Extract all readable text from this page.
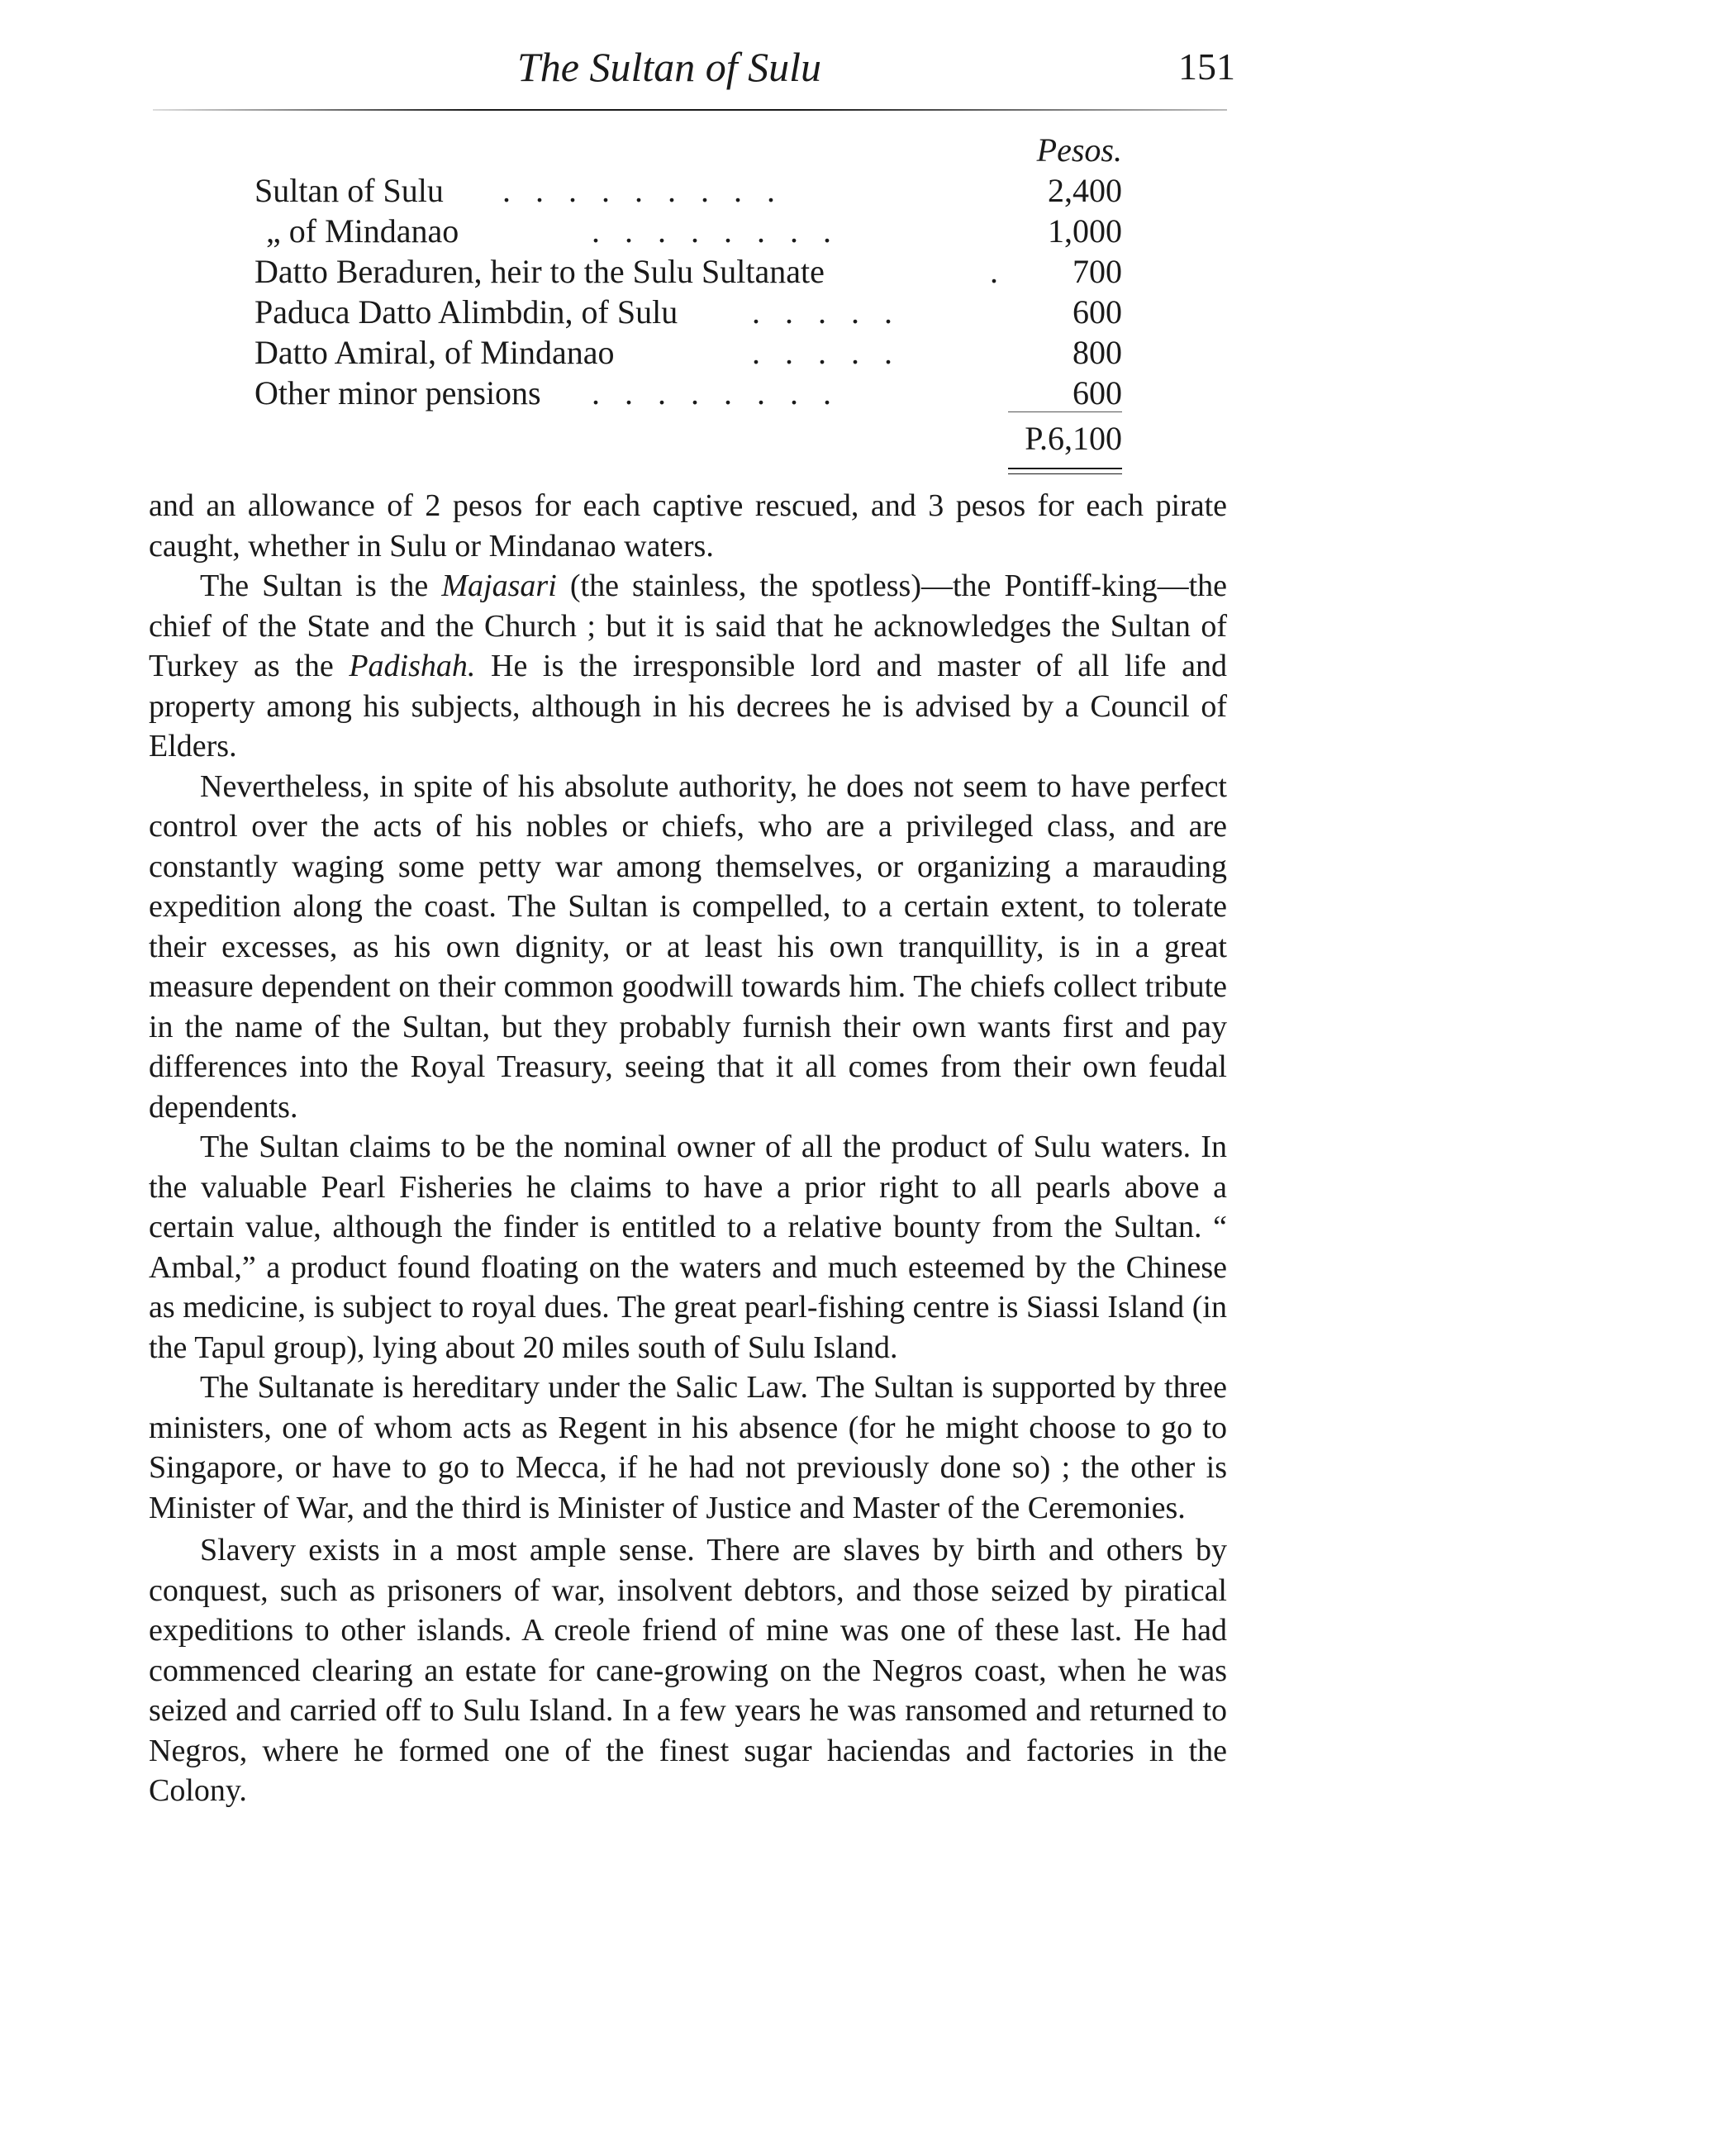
The Sultan of Sulu	151
Pesos.
Sultan of Sulu .   .   .   .   .   .   .   .   .	2,400
„ of Mindanao	.   .   .   .   .   .   .   .	1,000
Datto Beraduren, heir to the Sulu Sultanate	. 700
Paduca Datto Alimbdin, of Sulu .   .   .   .   .	600
Datto Amiral, of Mindanao	.   .   .   .   .	800
Other minor pensions .   .   .   .   .   .   .   .	600
P.6,100

and an allowance of 2 pesos for each captive rescued, and 3 pesos for each pirate caught, whether in Sulu or Mindanao waters.

The Sultan is the Majasari (the stainless, the spotless)—the Pontiff-king—the chief of the State and the Church ; but it is said that he acknowledges the Sultan of Turkey as the Padishah. He is the irresponsible lord and master of all life and property among his subjects, although in his decrees he is advised by a Council of Elders.

Nevertheless, in spite of his absolute authority, he does not seem to have perfect control over the acts of his nobles or chiefs, who are a privileged class, and are constantly waging some petty war among themselves, or organizing a marauding expedition along the coast. The Sultan is compelled, to a certain extent, to tolerate their excesses, as his own dignity, or at least his own tranquillity, is in a great measure dependent on their common goodwill towards him. The chiefs collect tribute in the name of the Sultan, but they probably furnish their own wants first and pay differences into the Royal Treasury, seeing that it all comes from their own feudal dependents.

The Sultan claims to be the nominal owner of all the product of Sulu waters. In the valuable Pearl Fisheries he claims to have a prior right to all pearls above a certain value, although the finder is entitled to a relative bounty from the Sultan. “ Ambal,” a product found floating on the waters and much esteemed by the Chinese as medicine, is subject to royal dues. The great pearl-fishing centre is Siassi Island (in the Tapul group), lying about 20 miles south of Sulu Island.

The Sultanate is hereditary under the Salic Law. The Sultan is supported by three ministers, one of whom acts as Regent in his absence (for he might choose to go to Singapore, or have to go to Mecca, if he had not previously done so) ; the other is Minister of War, and the third is Minister of Justice and Master of the Ceremonies.

Slavery exists in a most ample sense. There are slaves by birth and others by conquest, such as prisoners of war, insolvent debtors, and those seized by piratical expeditions to other islands. A creole friend of mine was one of these last. He had commenced clearing an estate for cane-growing on the Negros coast, when he was seized and carried off to Sulu Island. In a few years he was ransomed and returned to Negros, where he formed one of the finest sugar haciendas and factories in the Colony.
